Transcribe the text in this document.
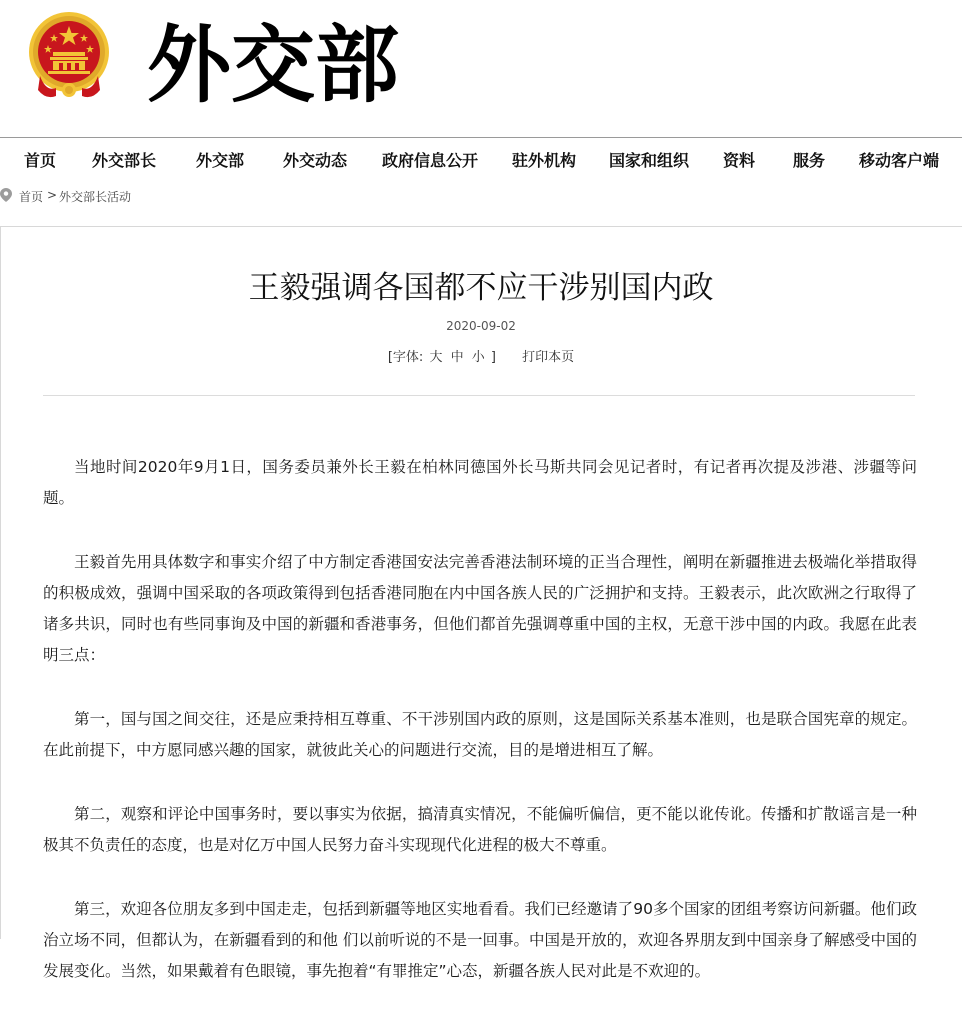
外交部
首页 外交部长 外交部 外交动态 政府信息公开 驻外机构 国家和组织 资料 服务 移动客户端
首页 > 外交部长活动
王毅强调各国都不应干涉别国内政
2020-09-02
[字体: 大 中 小 ] 打印本页

当地时间2020年9月1日，国务委员兼外长王毅在柏林同德国外长马斯共同会见记者时，有记者再次提及涉港、涉疆等问题。

王毅首先用具体数字和事实介绍了中方制定香港国安法完善香港法制环境的正当合理性，阐明在新疆推进去极端化举措取得的积极成效，强调中国采取的各项政策得到包括香港同胞在内中国各族人民的广泛拥护和支持。王毅表示，此次欧洲之行取得了诸多共识，同时也有些同事询及中国的新疆和香港事务，但他们都首先强调尊重中国的主权，无意干涉中国的内政。我愿在此表明三点：

第一，国与国之间交往，还是应秉持相互尊重、不干涉别国内政的原则，这是国际关系基本准则，也是联合国宪章的规定。在此前提下，中方愿同感兴趣的国家，就彼此关心的问题进行交流，目的是增进相互了解。

第二，观察和评论中国事务时，要以事实为依据，搞清真实情况，不能偏听偏信，更不能以讹传讹。传播和扩散谣言是一种极其不负责任的态度，也是对亿万中国人民努力奋斗实现现代化进程的极大不尊重。

第三，欢迎各位朋友多到中国走走，包括到新疆等地区实地看看。我们已经邀请了90多个国家的团组考察访问新疆。他们政治立场不同，但都认为，在新疆看到的和他 们以前听说的不是一回事。中国是开放的，欢迎各界朋友到中国亲身了解感受中国的发展变化。当然，如果戴着有色眼镜，事先抱着“有罪推定”心态，新疆各族人民对此是不欢迎的。
